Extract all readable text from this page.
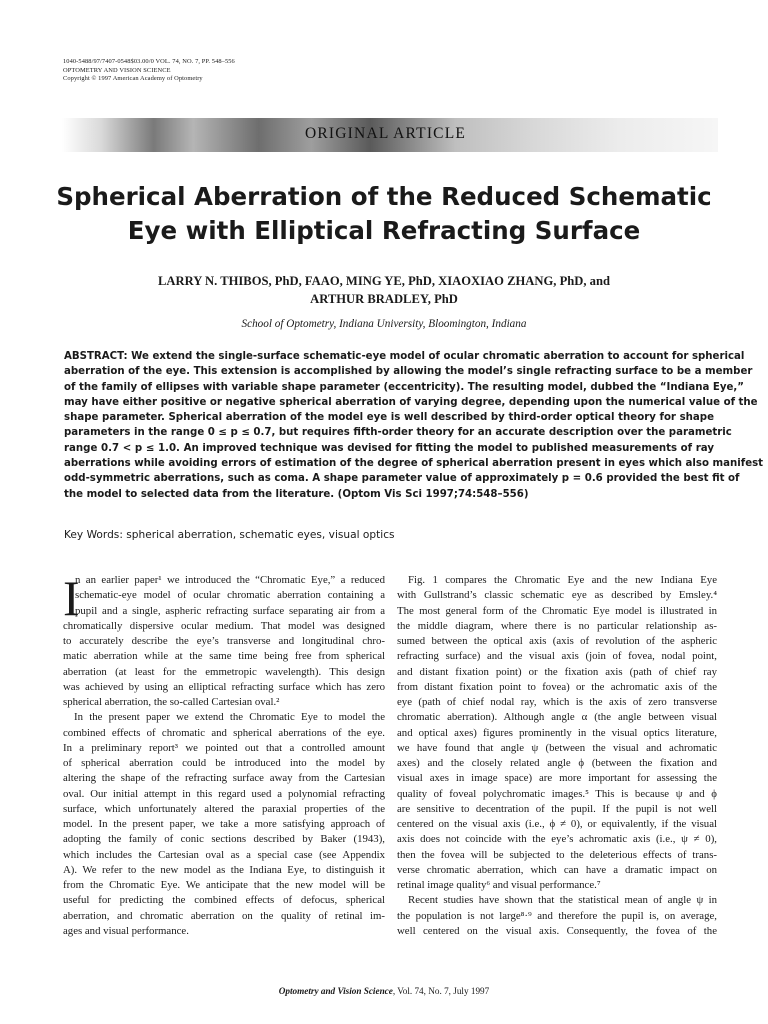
1040-5488/97/7407-0548$03.00/0 VOL. 74, NO. 7, PP. 548–556
OPTOMETRY AND VISION SCIENCE
Copyright © 1997 American Academy of Optometry
ORIGINAL ARTICLE
Spherical Aberration of the Reduced Schematic
Eye with Elliptical Refracting Surface
LARRY N. THIBOS, PhD, FAAO, MING YE, PhD, XIAOXIAO ZHANG, PhD, and
ARTHUR BRADLEY, PhD
School of Optometry, Indiana University, Bloomington, Indiana
ABSTRACT: We extend the single-surface schematic-eye model of ocular chromatic aberration to account for spherical
aberration of the eye. This extension is accomplished by allowing the model’s single refracting surface to be a member
of the family of ellipses with variable shape parameter (eccentricity). The resulting model, dubbed the “Indiana Eye,”
may have either positive or negative spherical aberration of varying degree, depending upon the numerical value of the
shape parameter. Spherical aberration of the model eye is well described by third-order optical theory for shape
parameters in the range 0 ≤ p ≤ 0.7, but requires fifth-order theory for an accurate description over the parametric
range 0.7 < p ≤ 1.0. An improved technique was devised for fitting the model to published measurements of ray
aberrations while avoiding errors of estimation of the degree of spherical aberration present in eyes which also manifest
odd-symmetric aberrations, such as coma. A shape parameter value of approximately p = 0.6 provided the best fit of
the model to selected data from the literature. (Optom Vis Sci 1997;74:548–556)
Key Words: spherical aberration, schematic eyes, visual optics
I
n an earlier paper¹ we introduced the “Chromatic Eye,” a reduced
schematic-eye model of ocular chromatic aberration containing a
pupil and a single, aspheric refracting surface separating air from a
chromatically dispersive ocular medium. That model was designed
to accurately describe the eye’s transverse and longitudinal chro-
matic aberration while at the same time being free from spherical
aberration (at least for the emmetropic wavelength). This design
was achieved by using an elliptical refracting surface which has zero
spherical aberration, the so-called Cartesian oval.²
In the present paper we extend the Chromatic Eye to model the
combined effects of chromatic and spherical aberrations of the eye.
In a preliminary report³ we pointed out that a controlled amount
of spherical aberration could be introduced into the model by
altering the shape of the refracting surface away from the Cartesian
oval. Our initial attempt in this regard used a polynomial refracting
surface, which unfortunately altered the paraxial properties of the
model. In the present paper, we take a more satisfying approach of
adopting the family of conic sections described by Baker (1943),
which includes the Cartesian oval as a special case (see Appendix
A). We refer to the new model as the Indiana Eye, to distinguish it
from the Chromatic Eye. We anticipate that the new model will be
useful for predicting the combined effects of defocus, spherical
aberration, and chromatic aberration on the quality of retinal im-
ages and visual performance.
Fig. 1 compares the Chromatic Eye and the new Indiana Eye
with Gullstrand’s classic schematic eye as described by Emsley.⁴
The most general form of the Chromatic Eye model is illustrated in
the middle diagram, where there is no particular relationship as-
sumed between the optical axis (axis of revolution of the aspheric
refracting surface) and the visual axis (join of fovea, nodal point,
and distant fixation point) or the fixation axis (path of chief ray
from distant fixation point to fovea) or the achromatic axis of the
eye (path of chief nodal ray, which is the axis of zero transverse
chromatic aberration). Although angle α (the angle between visual
and optical axes) figures prominently in the visual optics literature,
we have found that angle ψ (between the visual and achromatic
axes) and the closely related angle ϕ (between the fixation and
visual axes in image space) are more important for assessing the
quality of foveal polychromatic images.⁵ This is because ψ and ϕ
are sensitive to decentration of the pupil. If the pupil is not well
centered on the visual axis (i.e., ϕ ≠ 0), or equivalently, if the visual
axis does not coincide with the eye’s achromatic axis (i.e., ψ ≠ 0),
then the fovea will be subjected to the deleterious effects of trans-
verse chromatic aberration, which can have a dramatic impact on
retinal image quality⁶ and visual performance.⁷
Recent studies have shown that the statistical mean of angle ψ in
the population is not large⁸·⁹ and therefore the pupil is, on average,
well centered on the visual axis. Consequently, the fovea of the
Optometry and Vision Science, Vol. 74, No. 7, July 1997
